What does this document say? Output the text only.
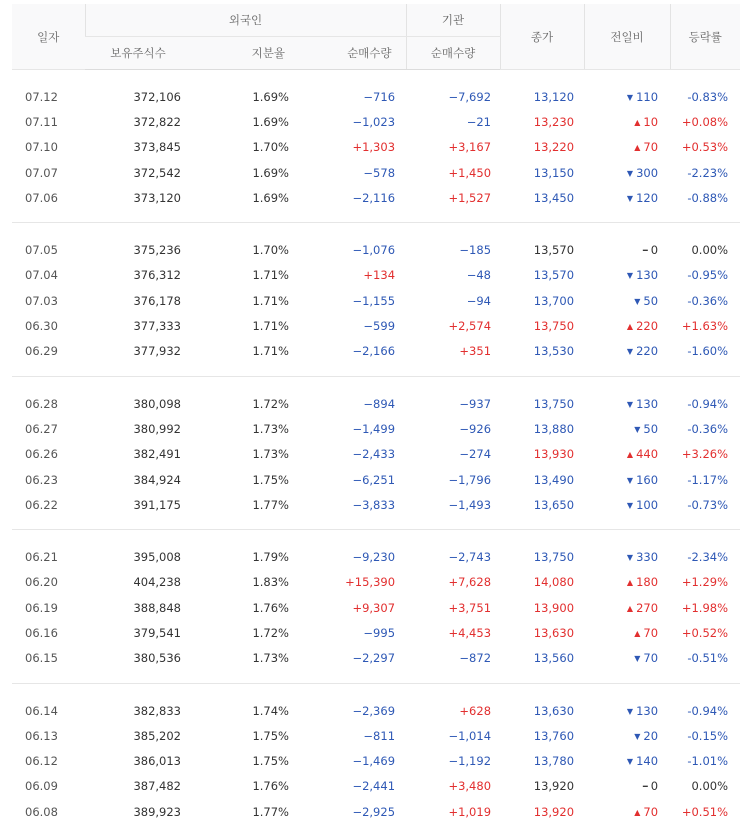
일자	외국인			기관	종가	전일비	등락률
	보유주식수	지분율	순매수량	순매수량			

07.12	372,106	1.69%	−716	−7,692	13,120	▼ 110	-0.83%
07.11	372,822	1.69%	−1,023	−21	13,230	▲ 10	+0.08%
07.10	373,845	1.70%	+1,303	+3,167	13,220	▲ 70	+0.53%
07.07	372,542	1.69%	−578	+1,450	13,150	▼ 300	-2.23%
07.06	373,120	1.69%	−2,116	+1,527	13,450	▼ 120	-0.88%

07.05	375,236	1.70%	−1,076	−185	13,570	━ 0	0.00%
07.04	376,312	1.71%	+134	−48	13,570	▼ 130	-0.95%
07.03	376,178	1.71%	−1,155	−94	13,700	▼ 50	-0.36%
06.30	377,333	1.71%	−599	+2,574	13,750	▲ 220	+1.63%
06.29	377,932	1.71%	−2,166	+351	13,530	▼ 220	-1.60%

06.28	380,098	1.72%	−894	−937	13,750	▼ 130	-0.94%
06.27	380,992	1.73%	−1,499	−926	13,880	▼ 50	-0.36%
06.26	382,491	1.73%	−2,433	−274	13,930	▲ 440	+3.26%
06.23	384,924	1.75%	−6,251	−1,796	13,490	▼ 160	-1.17%
06.22	391,175	1.77%	−3,833	−1,493	13,650	▼ 100	-0.73%

06.21	395,008	1.79%	−9,230	−2,743	13,750	▼ 330	-2.34%
06.20	404,238	1.83%	+15,390	+7,628	14,080	▲ 180	+1.29%
06.19	388,848	1.76%	+9,307	+3,751	13,900	▲ 270	+1.98%
06.16	379,541	1.72%	−995	+4,453	13,630	▲ 70	+0.52%
06.15	380,536	1.73%	−2,297	−872	13,560	▼ 70	-0.51%

06.14	382,833	1.74%	−2,369	+628	13,630	▼ 130	-0.94%
06.13	385,202	1.75%	−811	−1,014	13,760	▼ 20	-0.15%
06.12	386,013	1.75%	−1,469	−1,192	13,780	▼ 140	-1.01%
06.09	387,482	1.76%	−2,441	+3,480	13,920	━ 0	0.00%
06.08	389,923	1.77%	−2,925	+1,019	13,920	▲ 70	+0.51%
